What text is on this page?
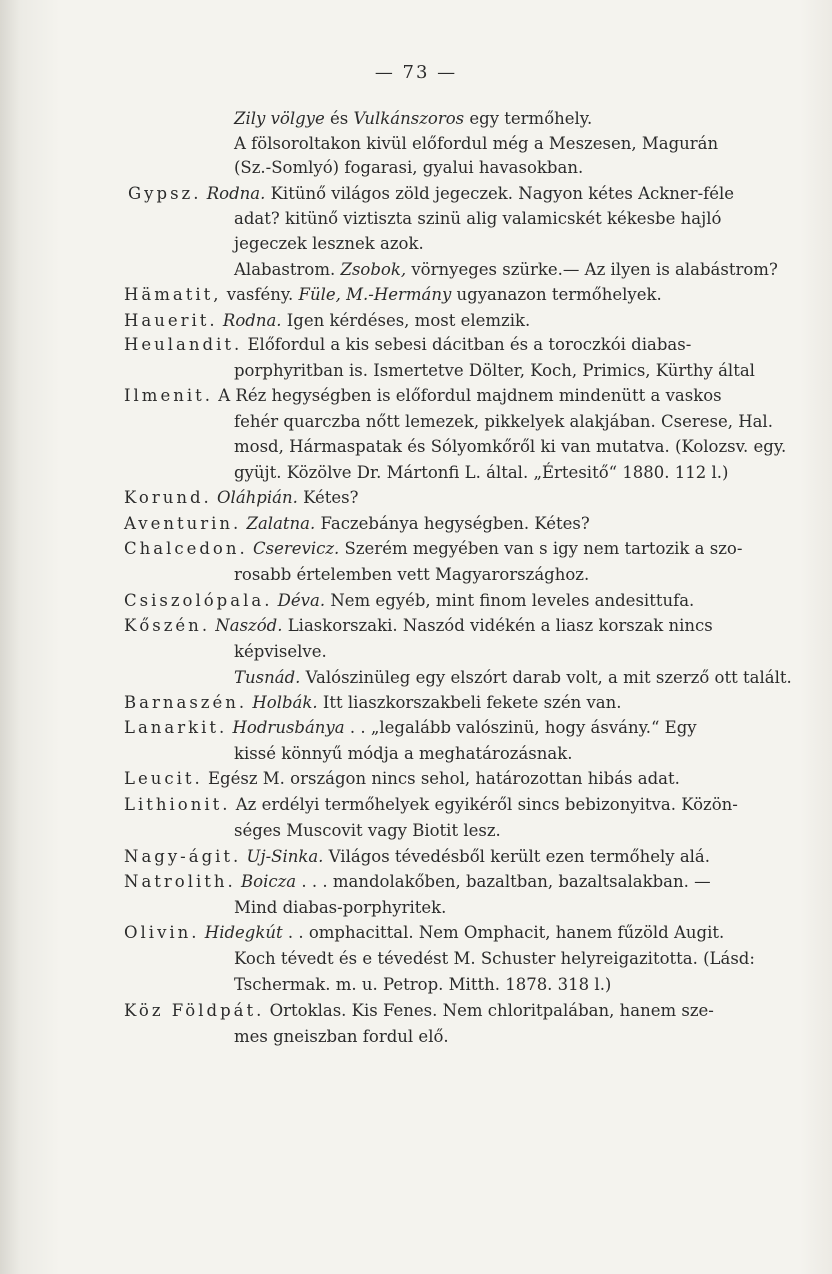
— 73 —
Zily völgye és Vulkánszoros egy termőhely.
A fölsoroltakon kivül előfordul még a Meszesen, Magurán
(Sz.-Somlyó) fogarasi, gyalui havasokban.
Gypsz. Rodna. Kitünő világos zöld jegeczek. Nagyon kétes Ackner-féle
adat? kitünő viztiszta szinü alig valamicskét kékesbe hajló
jegeczek lesznek azok.
Alabastrom. Zsobok, vörnyeges szürke.— Az ilyen is alabástrom?
Hämatit, vasfény. Füle, M.-Hermány ugyanazon termőhelyek.
Hauerit. Rodna. Igen kérdéses, most elemzik.
Heulandit. Előfordul a kis sebesi dácitban és a toroczkói diabas-
porphyritban is. Ismertetve Dölter, Koch, Primics, Kürthy által
Ilmenit. A Réz hegységben is előfordul majdnem mindenütt a vaskos
fehér quarczba nőtt lemezek, pikkelyek alakjában. Cserese, Hal.
mosd, Hármaspatak és Sólyomkőről ki van mutatva. (Kolozsv. egy.
gyüjt. Közölve Dr. Mártonfi L. által. „Értesitő“ 1880. 112 l.)
Korund. Oláhpián. Kétes?
Aventurin. Zalatna. Faczebánya hegységben. Kétes?
Chalcedon. Cserevicz. Szerém megyében van s igy nem tartozik a szo-
rosabb értelemben vett Magyarországhoz.
Csiszolópala. Déva. Nem egyéb, mint finom leveles andesittufa.
Kőszén. Naszód. Liaskorszaki. Naszód vidékén a liasz korszak nincs
képviselve.
Tusnád. Valószinüleg egy elszórt darab volt, a mit szerző ott talált.
Barnaszén. Holbák. Itt liaszkorszakbeli fekete szén van.
Lanarkit. Hodrusbánya . . „legalább valószinü, hogy ásvány.“ Egy
kissé könnyű módja a meghatározásnak.
Leucit. Egész M. országon nincs sehol, határozottan hibás adat.
Lithionit. Az erdélyi termőhelyek egyikéről sincs bebizonyitva. Közön-
séges Muscovit vagy Biotit lesz.
Nagy-ágit. Uj-Sinka. Világos tévedésből került ezen termőhely alá.
Natrolith. Boicza . . . mandolakőben, bazaltban, bazaltsalakban. —
Mind diabas-porphyritek.
Olivin. Hidegkút . . omphacittal. Nem Omphacit, hanem fűzöld Augit.
Koch tévedt és e tévedést M. Schuster helyreigazitotta. (Lásd:
Tschermak. m. u. Petrop. Mitth. 1878. 318 l.)
Köz Földpát. Ortoklas. Kis Fenes. Nem chloritpalában, hanem sze-
mes gneiszban fordul elő.
